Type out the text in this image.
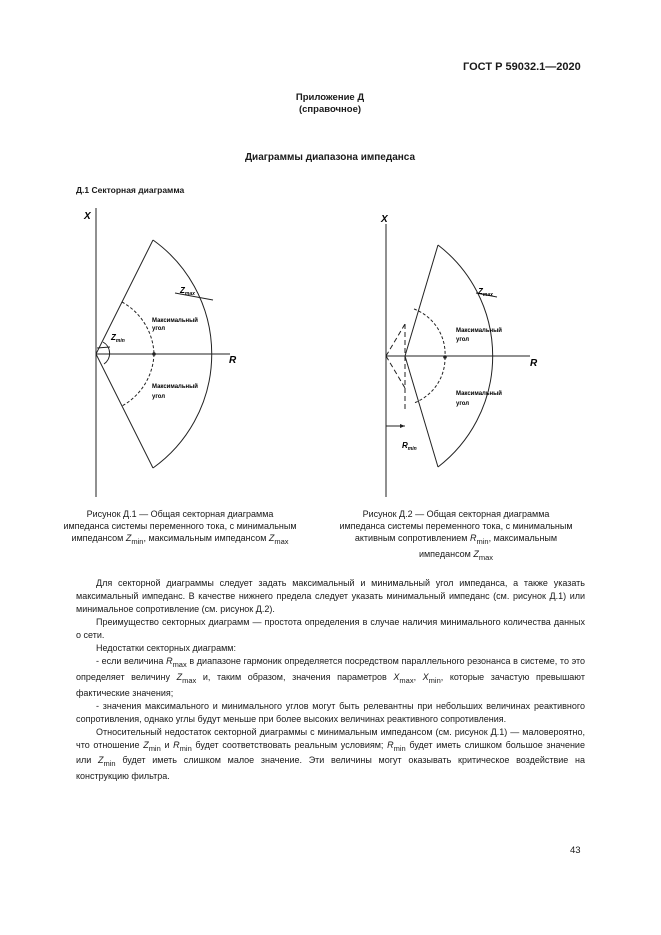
ГОСТ Р 59032.1—2020
Приложение Д
(справочное)
Диаграммы диапазона импеданса
Д.1 Секторная диаграмма
X
R
$Z_{max}$
$Z_{min}$
Максимальный
угол
Максимальный
угол
X
R
$Z_{max}$
$R_{min}$
Максимальный
угол
Максимальный
угол
Рисунок Д.1 — Общая секторная диаграмма
импеданса системы переменного тока, с минимальным
импедансом $Z_{min}$, максимальным импедансом $Z_{max}$
Рисунок Д.2 — Общая секторная диаграмма
импеданса системы переменного тока, с минимальным
активным сопротивлением $R_{min}$, максимальным
импедансом $Z_{max}$

Для секторной диаграммы следует задать максимальный и минимальный угол импеданса, а также указать максимальный импеданс. В качестве нижнего предела следует указать минимальный импеданс (см. рисунок Д.1) или минимальное сопротивление (см. рисунок Д.2).

Преимущество секторных диаграмм — простота определения в случае наличия минимального количества данных о сети.

Недостатки секторных диаграмм:

- если величина $R_{max}$ в диапазоне гармоник определяется посредством параллельного резонанса в системе, то это определяет величину $Z_{max}$ и, таким образом, значения параметров $X_{max}$, $X_{min}$, которые зачастую превышают фактические значения;

- значения максимального и минимального углов могут быть релевантны при небольших величинах реактивного сопротивления, однако углы будут меньше при более высоких величинах реактивного сопротивления.

Относительный недостаток секторной диаграммы с минимальным импедансом (см. рисунок Д.1) — маловероятно, что отношение $Z_{min}$ и $R_{min}$ будет соответствовать реальным условиям; $R_{min}$ будет иметь слишком большое значение или $Z_{min}$ будет иметь слишком малое значение. Эти величины могут оказывать критическое воздействие на конструкцию фильтра.

43
